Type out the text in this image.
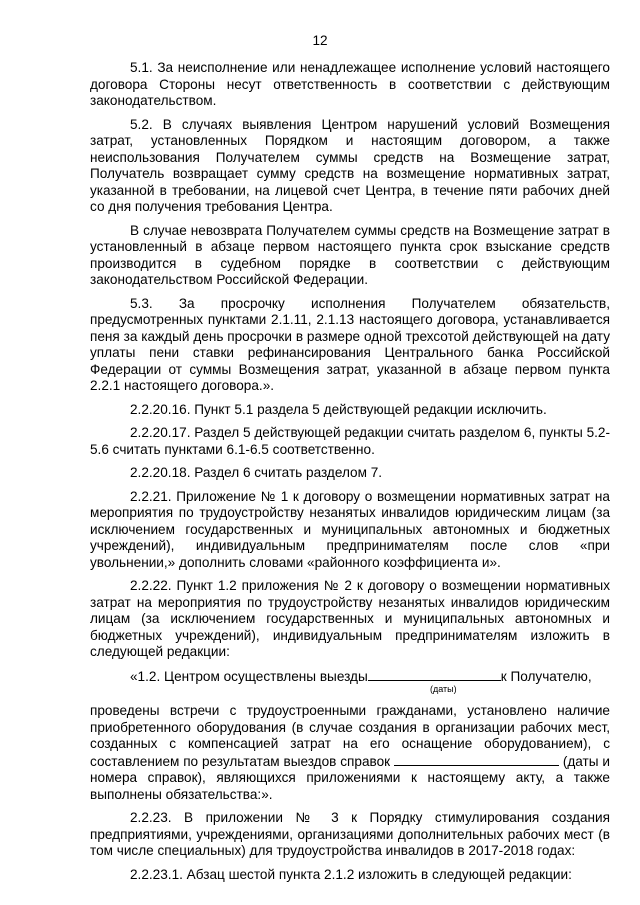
12

5.1. За неисполнение или ненадлежащее исполнение условий настоящего договора Стороны несут ответственность в соответствии с действующим законодательством.

5.2. В случаях выявления Центром нарушений условий Возмещения затрат, установленных Порядком и настоящим договором, а также неиспользования Получателем суммы средств на Возмещение затрат, Получатель возвращает сумму средств на возмещение нормативных затрат, указанной в требовании, на лицевой счет Центра, в течение пяти рабочих дней со дня получения требования Центра.

В случае невозврата Получателем суммы средств на Возмещение затрат в установленный в абзаце первом настоящего пункта срок взыскание средств производится в судебном порядке в соответствии с действующим законодательством Российской Федерации.

5.3. За просрочку исполнения Получателем обязательств, предусмотренных пунктами 2.1.11, 2.1.13 настоящего договора, устанавливается пеня за каждый день просрочки в размере одной трехсотой действующей на дату уплаты пени ставки рефинансирования Центрального банка Российской Федерации от суммы Возмещения затрат, указанной в абзаце первом пункта 2.2.1 настоящего договора.».

2.2.20.16. Пункт 5.1 раздела 5 действующей редакции исключить.

2.2.20.17. Раздел 5 действующей редакции считать разделом 6, пункты 5.2-5.6 считать пунктами 6.1-6.5 соответственно.

2.2.20.18. Раздел 6 считать разделом 7.

2.2.21. Приложение № 1 к договору о возмещении нормативных затрат на мероприятия по трудоустройству незанятых инвалидов юридическим лицам (за исключением государственных и муниципальных автономных и бюджетных учреждений), индивидуальным предпринимателям после слов «при увольнении,» дополнить словами «районного коэффициента и».

2.2.22. Пункт 1.2 приложения № 2 к договору о возмещении нормативных затрат на мероприятия по трудоустройству незанятых инвалидов юридическим лицам (за исключением государственных и муниципальных автономных и бюджетных учреждений), индивидуальным предпринимателям изложить в следующей редакции:

«1.2. Центром осуществлены выезды	к Получателю,

(даты)

проведены встречи с трудоустроенными гражданами, установлено наличие приобретенного оборудования (в случае создания в организации рабочих мест, созданных с компенсацией затрат на его оснащение оборудованием), с составлением по результатам выездов справок	(даты и номера справок), являющихся приложениями к настоящему акту, а также выполнены обязательства:».

2.2.23. В приложении № 3 к Порядку стимулирования создания предприятиями, учреждениями, организациями дополнительных рабочих мест (в том числе специальных) для трудоустройства инвалидов в 2017-2018 годах:

2.2.23.1. Абзац шестой пункта 2.1.2 изложить в следующей редакции:
